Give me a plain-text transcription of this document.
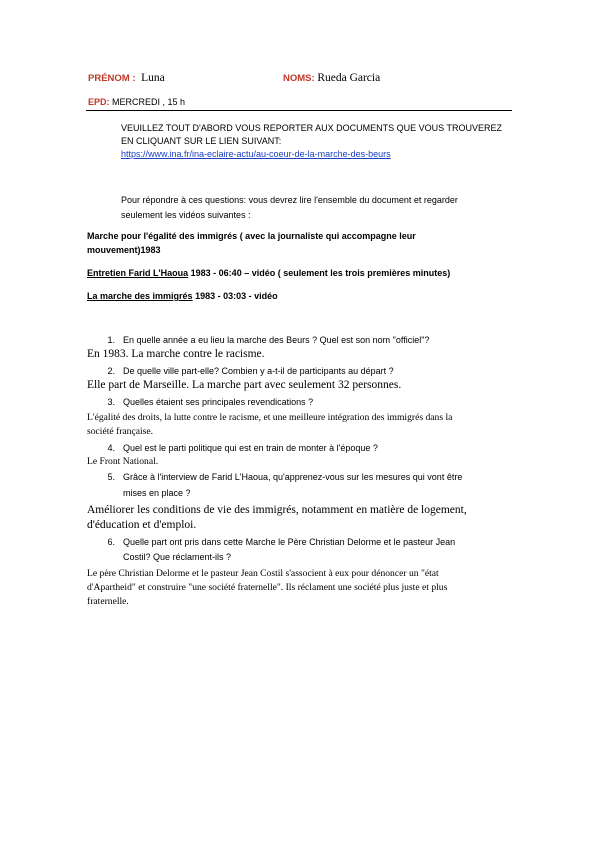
PRÉNOM : Luna	NOMS: Rueda Garcia
EPD: MERCREDI , 15 h
VEUILLEZ TOUT D'ABORD VOUS REPORTER AUX DOCUMENTS QUE VOUS TROUVEREZ
EN CLIQUANT SUR LE LIEN SUIVANT:
https://www.ina.fr/ina-eclaire-actu/au-coeur-de-la-marche-des-beurs
Pour répondre à ces questions: vous devrez lire l'ensemble du document et regarder
seulement les vidéos suivantes :
Marche pour l'égalité des immigrés ( avec la journaliste qui accompagne leur
mouvement)1983
Entretien Farid L'Haoua 1983 - 06:40 – vidéo ( seulement les trois premières minutes)
La marche des immigrés 1983 - 03:03 - vidéo
1. En quelle année a eu lieu la marche des Beurs ? Quel est son nom "officiel"?
En 1983. La marche contre le racisme.
2. De quelle ville part-elle? Combien y a-t-il de participants au départ ?
Elle part de Marseille. La marche part avec seulement 32 personnes.
3. Quelles étaient ses principales revendications ?
L'égalité des droits, la lutte contre le racisme, et une meilleure intégration des immigrés dans la
société française.
4. Quel est le parti politique qui est en train de monter à l'époque ?
Le Front National.
5. Grâce à l'interview de Farid L'Haoua, qu'apprenez-vous sur les mesures qui vont être
mises en place ?
Améliorer les conditions de vie des immigrés, notamment en matière de logement,
d'éducation et d'emploi.
6. Quelle part ont pris dans cette Marche le Père Christian Delorme et le pasteur Jean
Costil? Que réclament-ils ?
Le père Christian Delorme et le pasteur Jean Costil s'associent à eux pour dénoncer un "état
d'Apartheid" et construire "une société fraternelle". Ils réclament une société plus juste et plus
fraternelle.
